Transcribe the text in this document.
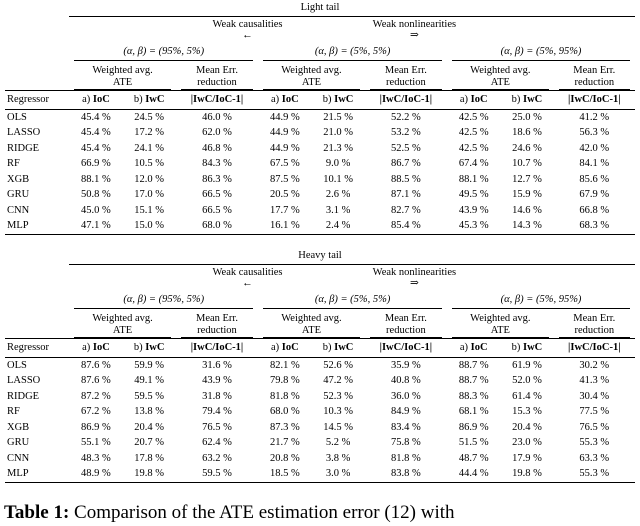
Light tail

	Weak causalities
←
Weak nonlinearities
⇒								

	(α, β) = (95%, 5%)			(α, β) = (5%, 5%)			(α, β) = (5%, 95%)		

Weighted avg.
ATE

Mean Err.
reduction

Weighted avg.
ATE

Mean Err.
reduction

Weighted avg.
ATE

Mean Err.
reduction

Regressor	a) IoC	b) IwC	|IwC/IoC-1|	a) IoC	b) IwC	|IwC/IoC-1|	a) IoC	b) IwC	|IwC/IoC-1|
OLS	45.4 %	24.5 %	46.0 %	44.9 %	21.5 %	52.2 %	42.5 %	25.0 %	41.2 %
LASSO	45.4 %	17.2 %	62.0 %	44.9 %	21.0 %	53.2 %	42.5 %	18.6 %	56.3 %
RIDGE	45.4 %	24.1 %	46.8 %	44.9 %	21.3 %	52.5 %	42.5 %	24.6 %	42.0 %
RF	66.9 %	10.5 %	84.3 %	67.5 %	9.0 %	86.7 %	67.4 %	10.7 %	84.1 %
XGB	88.1 %	12.0 %	86.3 %	87.5 %	10.1 %	88.5 %	88.1 %	12.7 %	85.6 %
GRU	50.8 %	17.0 %	66.5 %	20.5 %	2.6 %	87.1 %	49.5 %	15.9 %	67.9 %
CNN	45.0 %	15.1 %	66.5 %	17.7 %	3.1 %	82.7 %	43.9 %	14.6 %	66.8 %
MLP	47.1 %	15.0 %	68.0 %	16.1 %	2.4 %	85.4 %	45.3 %	14.3 %	68.3 %
Heavy tail

	Weak causalities
←
Weak nonlinearities
⇒								

	(α, β) = (95%, 5%)			(α, β) = (5%, 5%)			(α, β) = (5%, 95%)		

Weighted avg.
ATE

Mean Err.
reduction

Weighted avg.
ATE

Mean Err.
reduction

Weighted avg.
ATE

Mean Err.
reduction

Regressor	a) IoC	b) IwC	|IwC/IoC-1|	a) IoC	b) IwC	|IwC/IoC-1|	a) IoC	b) IwC	|IwC/IoC-1|
OLS	87.6 %	59.9 %	31.6 %	82.1 %	52.6 %	35.9 %	88.7 %	61.9 %	30.2 %
LASSO	87.6 %	49.1 %	43.9 %	79.8 %	47.2 %	40.8 %	88.7 %	52.0 %	41.3 %
RIDGE	87.2 %	59.5 %	31.8 %	81.8 %	52.3 %	36.0 %	88.3 %	61.4 %	30.4 %
RF	67.2 %	13.8 %	79.4 %	68.0 %	10.3 %	84.9 %	68.1 %	15.3 %	77.5 %
XGB	86.9 %	20.4 %	76.5 %	87.3 %	14.5 %	83.4 %	86.9 %	20.4 %	76.5 %
GRU	55.1 %	20.7 %	62.4 %	21.7 %	5.2 %	75.8 %	51.5 %	23.0 %	55.3 %
CNN	48.3 %	17.8 %	63.2 %	20.8 %	3.8 %	81.8 %	48.7 %	17.9 %	63.3 %
MLP	48.9 %	19.8 %	59.5 %	18.5 %	3.0 %	83.8 %	44.4 %	19.8 %	55.3 %

Table 1: Comparison of the ATE estimation error (12) with
